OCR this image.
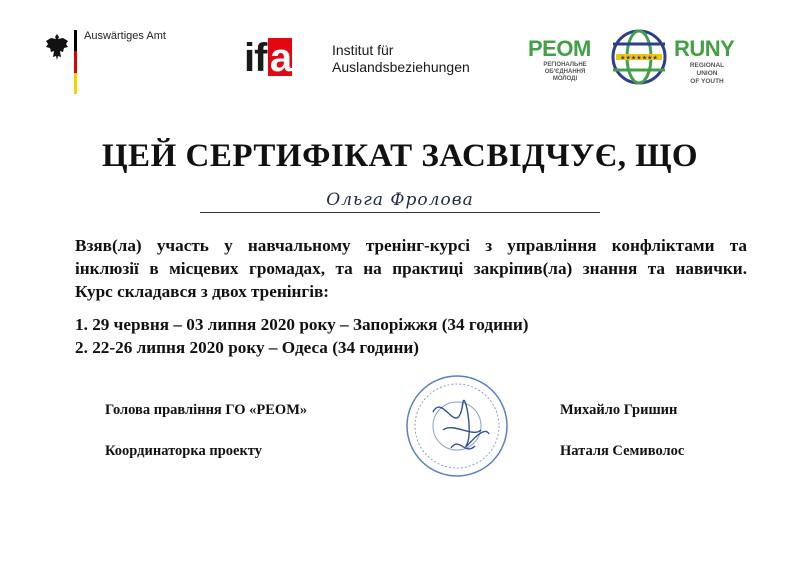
Auswärtiges Amt ifa	Institut für
Auslandsbeziehungen
РЕОМ
РЕГІОНАЛЬНЕ
ОБ'ЄДНАННЯ
МОЛОДІ
★★★★★★★ RUNY
REGIONAL
UNION
OF YOUTH
ЦЕЙ СЕРТИФІКАТ ЗАСВІДЧУЄ, ЩО
Ольга Фролова

Взяв(ла) участь у навчальному тренінг-курсі з управління конфліктами та

інклюзії в місцевих громадах, та на практиці закріпив(ла) знання та навички.

Курс складався з двох тренінгів:

1. 29 червня – 03 липня 2020 року – Запоріжжя (34 години)
2. 22-26 липня 2020 року – Одеса (34 години)
Голова правління ГО «РЕОМ»	Михайло Гришин
Координаторка проекту	Наталя Семиволос
